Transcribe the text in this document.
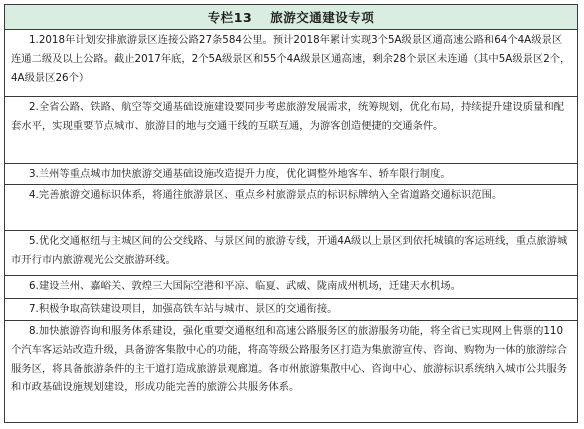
专栏13 旅游交通建设专项
1.2018年计划安排旅游景区连接公路27条584公里。预计2018年累计实现3个5A级景区通高速公路和64个4A级景区连通二级及以上公路。截止2017年底，2个5A级景区和55个4A级景区通高速，剩余28个景区未连通（其中5A级景区2个，4A级景区26个）
2.全省公路、铁路、航空等交通基础设施建设要同步考虑旅游发展需求，统筹规划，优化布局，持续提升建设质量和配套水平，实现重要节点城市、旅游目的地与交通干线的互联互通，为游客创造便捷的交通条件。
3.兰州等重点城市加快旅游交通基础设施改造提升力度，优化调整外地客车、轿车限行制度。
4.完善旅游交通标识体系，将通往旅游景区、重点乡村旅游景点的标识标牌纳入全省道路交通标识范围。
5.优化交通枢纽与主城区间的公交线路、与景区间的旅游专线，开通4A级以上景区到依托城镇的客运班线，重点旅游城市开行市内旅游观光公交旅游环线。
6.建设兰州、嘉峪关、敦煌三大国际空港和平凉、临夏、武威、陇南成州机场，迁建天水机场。
7.积极争取高铁建设项目，加强高铁车站与城市、景区的交通衔接。
8.加快旅游咨询和服务体系建设，强化重要交通枢纽和高速公路服务区的旅游服务功能，将全省已实现网上售票的110个汽车客运站改造升级，具备游客集散中心的功能，将高等级公路服务区打造为集旅游宣传、咨询、购物为一体的旅游综合服务区，将具备旅游条件的主干道打造成旅游景观廊道。各市州旅游集散中心、咨询中心、旅游标识系统纳入城市公共服务和市政基础设施规划建设，形成功能完善的旅游公共服务体系。
